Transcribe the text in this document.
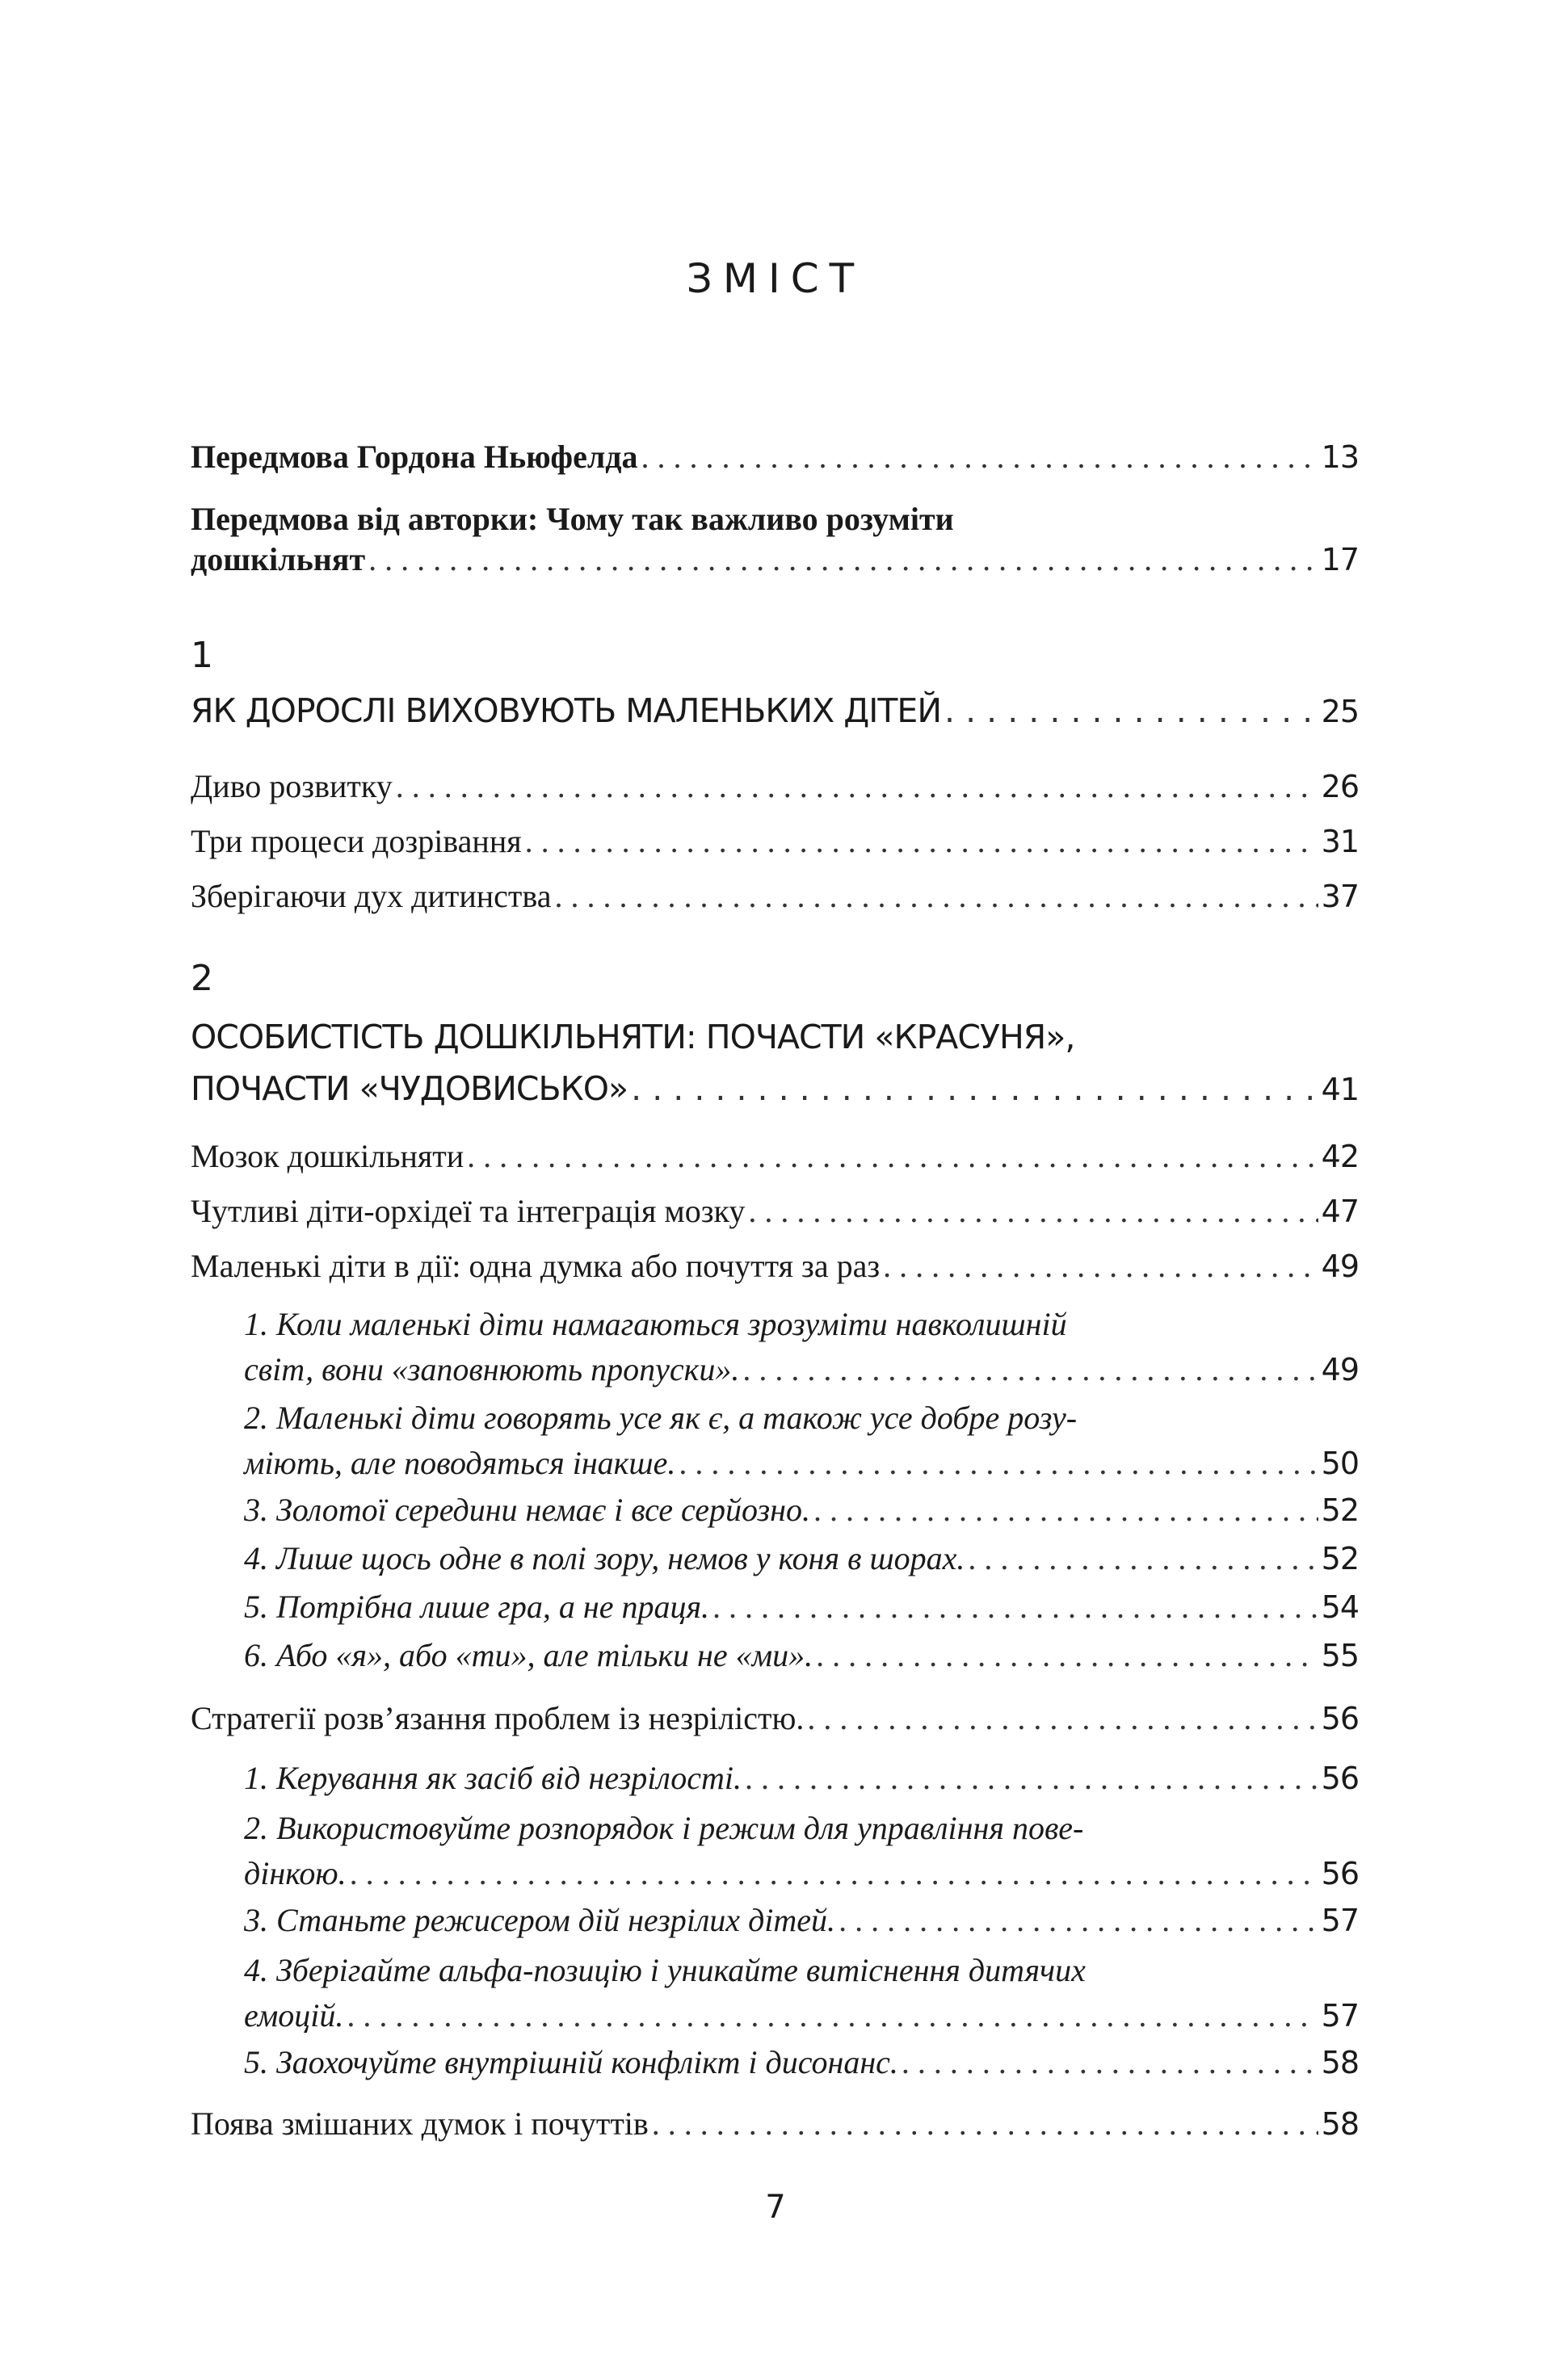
ЗМІСТ
Передмова Гордона Ньюфелда . . .	13
Передмова від авторки: Чому так важливо розуміти
дошкільнят . . .	17
1
ЯК ДОРОСЛІ ВИХОВУЮТЬ МАЛЕНЬКИХ ДІТЕЙ . . .	25
Диво розвитку . . .	26
Три процеси дозрівання . . .	31
Зберігаючи дух дитинства . . .	37
2
ОСОБИСТІСТЬ ДОШКІЛЬНЯТИ: ПОЧАСТИ «КРАСУНЯ»,
ПОЧАСТИ «ЧУДОВИСЬКО» . . .	41
Мозок дошкільняти . . .	42
Чутливі діти-орхідеї та інтеграція мозку . . .	47
Маленькі діти в дії: одна думка або почуття за раз . . .	49
1. Коли маленькі діти намагаються зрозуміти навколишній
світ, вони «заповнюють пропуски». . . .	49
2. Маленькі діти говорять усе як є, а також усе добре розу-
міють, але поводяться інакше. . . .	50
3. Золотої середини немає і все серйозно. . . .	52
4. Лише щось одне в полі зору, немов у коня в шорах. . . .	52
5. Потрібна лише гра, а не праця. . . .	54
6. Або «я», або «ти», але тільки не «ми». . . .	55
Стратегії розв’язання проблем із незрілістю. . . .	56
1. Керування як засіб від незрілості. . . .	56
2. Використовуйте розпорядок і режим для управління пове-
дінкою. . . .	56
3. Станьте режисером дій незрілих дітей. . . .	57
4. Зберігайте альфа-позицію і уникайте витіснення дитячих
емоцій. . . .	57
5. Заохочуйте внутрішній конфлікт і дисонанс. . . .	58
Поява змішаних думок і почуттів . . .	58
7
